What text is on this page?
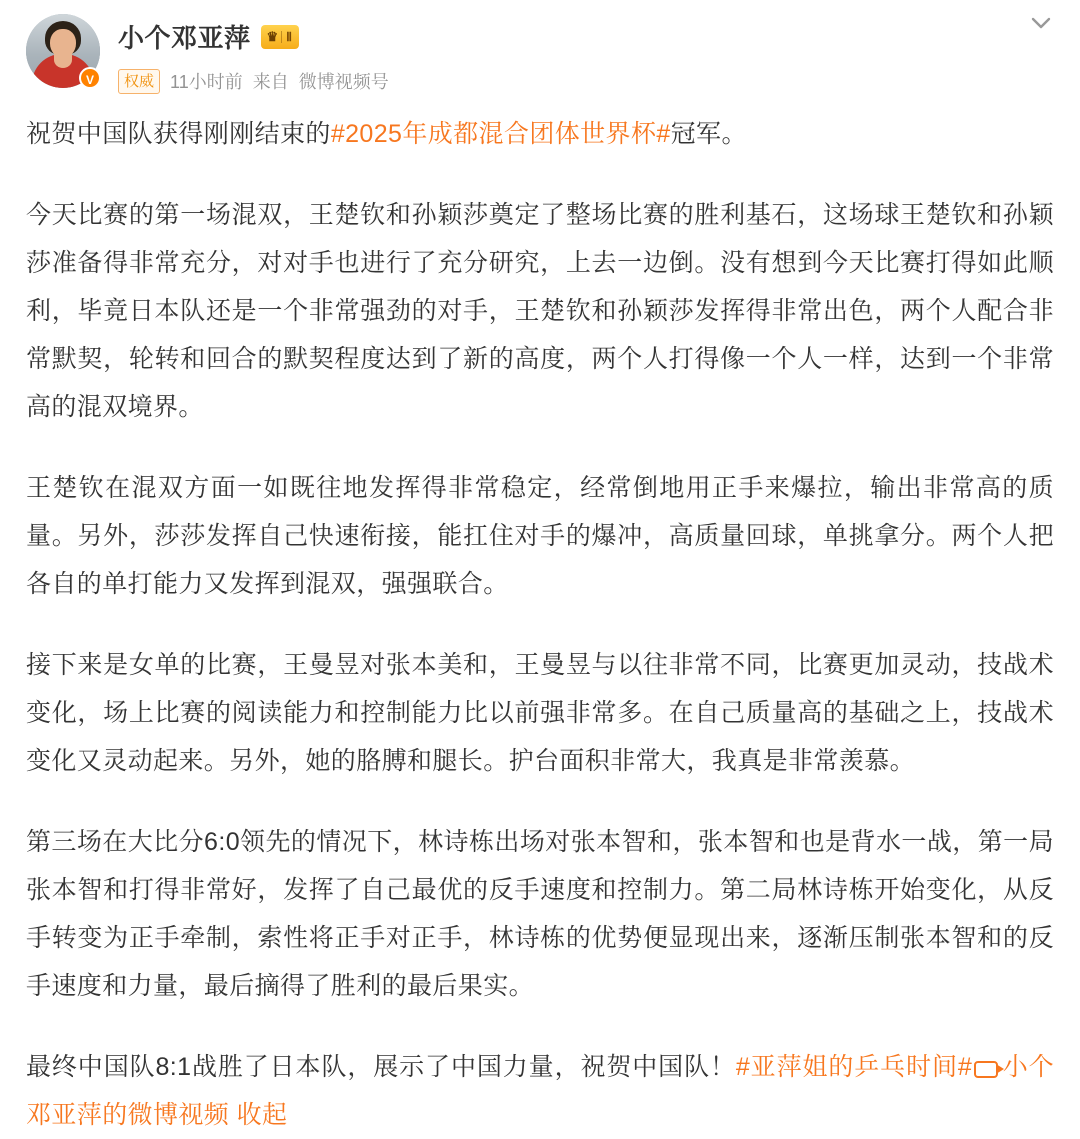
V
小个邓亚萍 ♛ Ⅱ
权威 11小时前 来自 微博视频号

祝贺中国队获得刚刚结束的#2025年成都混合团体世界杯#冠军。

今天比赛的第一场混双，王楚钦和孙颖莎奠定了整场比赛的胜利基石，这场球王楚钦和孙颖莎准备得非常充分，对对手也进行了充分研究，上去一边倒。没有想到今天比赛打得如此顺利，毕竟日本队还是一个非常强劲的对手，王楚钦和孙颖莎发挥得非常出色，两个人配合非常默契，轮转和回合的默契程度达到了新的高度，两个人打得像一个人一样，达到一个非常高的混双境界。

王楚钦在混双方面一如既往地发挥得非常稳定，经常倒地用正手来爆拉，输出非常高的质量。另外，莎莎发挥自己快速衔接，能扛住对手的爆冲，高质量回球，单挑拿分。两个人把各自的单打能力又发挥到混双，强强联合。

接下来是女单的比赛，王曼昱对张本美和，王曼昱与以往非常不同，比赛更加灵动，技战术变化，场上比赛的阅读能力和控制能力比以前强非常多。在自己质量高的基础之上，技战术变化又灵动起来。另外，她的胳膊和腿长。护台面积非常大，我真是非常羡慕。

第三场在大比分6:0领先的情况下，林诗栋出场对张本智和，张本智和也是背水一战，第一局张本智和打得非常好，发挥了自己最优的反手速度和控制力。第二局林诗栋开始变化，从反手转变为正手牵制，索性将正手对正手，林诗栋的优势便显现出来，逐渐压制张本智和的反手速度和力量，最后摘得了胜利的最后果实。

最终中国队8:1战胜了日本队，展示了中国力量，祝贺中国队！#亚萍姐的乒乓时间# 小个邓亚萍的微博视频 收起
